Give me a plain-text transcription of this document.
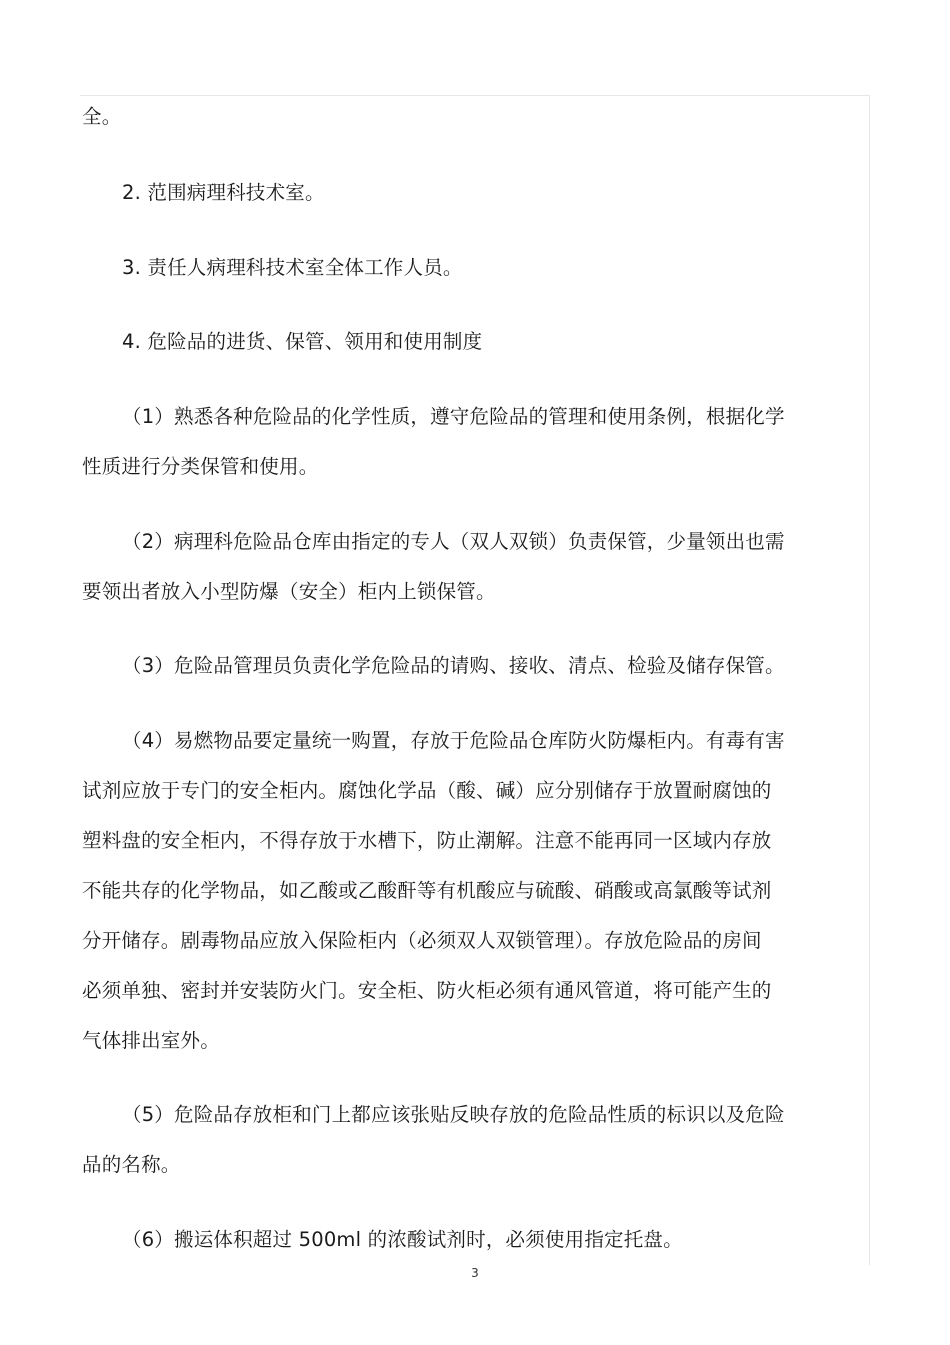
全。
2. 范围病理科技术室。
3. 责任人病理科技术室全体工作人员。
4. 危险品的进货、保管、领用和使用制度
（1）熟悉各种危险品的化学性质，遵守危险品的管理和使用条例，根据化学
性质进行分类保管和使用。
（2）病理科危险品仓库由指定的专人（双人双锁）负责保管，少量领出也需
要领出者放入小型防爆（安全）柜内上锁保管。
（3）危险品管理员负责化学危险品的请购、接收、清点、检验及储存保管。
（4）易燃物品要定量统一购置，存放于危险品仓库防火防爆柜内。有毒有害
试剂应放于专门的安全柜内。腐蚀化学品（酸、碱）应分别储存于放置耐腐蚀的
塑料盘的安全柜内，不得存放于水槽下，防止潮解。注意不能再同一区域内存放
不能共存的化学物品，如乙酸或乙酸酐等有机酸应与硫酸、硝酸或高氯酸等试剂
分开储存。剧毒物品应放入保险柜内（必须双人双锁管理）。存放危险品的房间
必须单独、密封并安装防火门。安全柜、防火柜必须有通风管道，将可能产生的
气体排出室外。
（5）危险品存放柜和门上都应该张贴反映存放的危险品性质的标识以及危险
品的名称。
（6）搬运体积超过 500ml 的浓酸试剂时，必须使用指定托盘。
3
